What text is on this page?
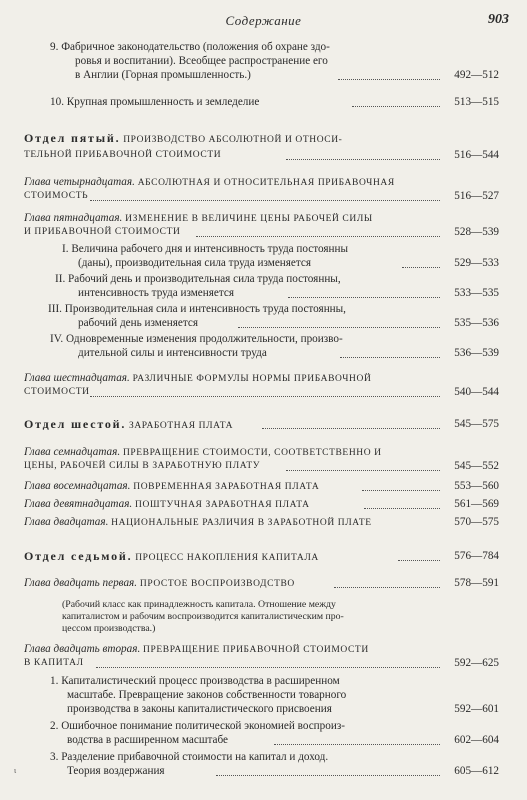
Содержание	903
9. Фабричное законодательство (положения об охране здо-
ровья и воспитании). Всеобщее распространение его
в Англии (Горная промышленность.)	492—512
10. Крупная промышленность и земледелие	513—515
Отдел пятый. ПРОИЗВОДСТВО АБСОЛЮТНОЙ И ОТНОСИ-
ТЕЛЬНОЙ ПРИБАВОЧНОЙ СТОИМОСТИ	516—544
Глава четырнадцатая. АБСОЛЮТНАЯ И ОТНОСИТЕЛЬНАЯ ПРИБАВОЧНАЯ
СТОИМОСТЬ	516—527
Глава пятнадцатая. ИЗМЕНЕНИЕ В ВЕЛИЧИНЕ ЦЕНЫ РАБОЧЕЙ СИЛЫ
И ПРИБАВОЧНОЙ СТОИМОСТИ	528—539
I. Величина рабочего дня и интенсивность труда постоянны
(даны), производительная сила труда изменяется	529—533
II. Рабочий день и производительная сила труда постоянны,
интенсивность труда изменяется	533—535
III. Производительная сила и интенсивность труда постоянны,
рабочий день изменяется	535—536
IV. Одновременные изменения продолжительности, произво-
дительной силы и интенсивности труда	536—539
Глава шестнадцатая. РАЗЛИЧНЫЕ ФОРМУЛЫ НОРМЫ ПРИБАВОЧНОЙ
СТОИМОСТИ	540—544
Отдел шестой. ЗАРАБОТНАЯ ПЛАТА	545—575
Глава семнадцатая. ПРЕВРАЩЕНИЕ СТОИМОСТИ, СООТВЕТСТВЕННО И
ЦЕНЫ, РАБОЧЕЙ СИЛЫ В ЗАРАБОТНУЮ ПЛАТУ	545—552
Глава восемнадцатая. ПОВРЕМЕННАЯ ЗАРАБОТНАЯ ПЛАТА	553—560
Глава девятнадцатая. ПОШТУЧНАЯ ЗАРАБОТНАЯ ПЛАТА	561—569
Глава двадцатая. НАЦИОНАЛЬНЫЕ РАЗЛИЧИЯ В ЗАРАБОТНОЙ ПЛАТЕ	570—575
Отдел седьмой. ПРОЦЕСС НАКОПЛЕНИЯ КАПИТАЛА	576—784
Глава двадцать первая. ПРОСТОЕ ВОСПРОИЗВОДСТВО	578—591
(Рабочий класс как принадлежность капитала. Отношение между
капиталистом и рабочим воспроизводится капиталистическим про-
цессом производства.)
Глава двадцать вторая. ПРЕВРАЩЕНИЕ ПРИБАВОЧНОЙ СТОИМОСТИ
В КАПИТАЛ	592—625
1. Капиталистический процесс производства в расширенном
масштабе. Превращение законов собственности товарного
производства в законы капиталистического присвоения	592—601
2. Ошибочное понимание политической экономией воспроиз-
водства в расширенном масштабе	602—604
3. Разделение прибавочной стоимости на капитал и доход.
Теория воздержания	605—612
ι
